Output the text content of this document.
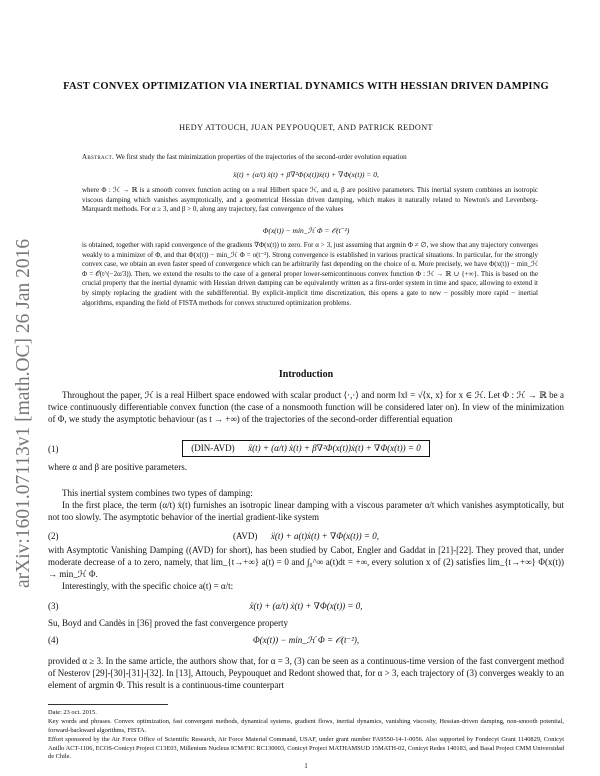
arXiv:1601.07113v1 [math.OC] 26 Jan 2016
FAST CONVEX OPTIMIZATION VIA INERTIAL DYNAMICS WITH HESSIAN DRIVEN DAMPING
HEDY ATTOUCH, JUAN PEYPOUQUET, AND PATRICK REDONT
Abstract. We first study the fast minimization properties of the trajectories of the second-order evolution equation
ẍ(t) + (α/t) ẋ(t) + β∇²Φ(x(t))ẋ(t) + ∇Φ(x(t)) = 0,
where Φ : ℋ → ℝ is a smooth convex function acting on a real Hilbert space ℋ, and α, β are positive parameters. This inertial system combines an isotropic viscous damping which vanishes asymptotically, and a geometrical Hessian driven damping, which makes it naturally related to Newton's and Levenberg-Marquardt methods. For α ≥ 3, and β > 0, along any trajectory, fast convergence of the values
Φ(x(t)) − min_ℋ Φ = 𝒪(t⁻²)
is obtained, together with rapid convergence of the gradients ∇Φ(x(t)) to zero. For α > 3, just assuming that argmin Φ ≠ ∅, we show that any trajectory converges weakly to a minimizer of Φ, and that Φ(x(t)) − min_ℋ Φ = o(t⁻²). Strong convergence is established in various practical situations. In particular, for the strongly convex case, we obtain an even faster speed of convergence which can be arbitrarily fast depending on the choice of α. More precisely, we have Φ(x(t)) − min_ℋ Φ = 𝒪(t^(−2α/3)). Then, we extend the results to the case of a general proper lower-semicontinuous convex function Φ : ℋ → ℝ ∪ {+∞}. This is based on the crucial property that the inertial dynamic with Hessian driven damping can be equivalently written as a first-order system in time and space, allowing to extend it by simply replacing the gradient with the subdifferential. By explicit-implicit time discretization, this opens a gate to new − possibly more rapid − inertial algorithms, expanding the field of FISTA methods for convex structured optimization problems.
Introduction
Throughout the paper, ℋ is a real Hilbert space endowed with scalar product ⟨·,·⟩ and norm ‖x‖ = √⟨x, x⟩ for x ∈ ℋ. Let Φ : ℋ → ℝ be a twice continuously differentiable convex function (the case of a nonsmooth function will be considered later on). In view of the minimization of Φ, we study the asymptotic behaviour (as t → +∞) of the trajectories of the second-order differential equation
(1)	(DIN-AVD) ẍ(t) + (α/t) ẋ(t) + β∇²Φ(x(t))ẋ(t) + ∇Φ(x(t)) = 0
where α and β are positive parameters.
This inertial system combines two types of damping:
In the first place, the term (α/t) ẋ(t) furnishes an isotropic linear damping with a viscous parameter α/t which vanishes asymptotically, but not too slowly. The asymptotic behavior of the inertial gradient-like system
(2)	(AVD) ẍ(t) + a(t)ẋ(t) + ∇Φ(x(t)) = 0,
with Asymptotic Vanishing Damping ((AVD) for short), has been studied by Cabot, Engler and Gaddat in [21]-[22]. They proved that, under moderate decrease of a to zero, namely, that lim_{t→+∞} a(t) = 0 and ∫₀^∞ a(t)dt = +∞, every solution x of (2) satisfies lim_{t→+∞} Φ(x(t)) → min_ℋ Φ.
Interestingly, with the specific choice a(t) = α/t:
(3)	ẍ(t) + (α/t) ẋ(t) + ∇Φ(x(t)) = 0,
Su, Boyd and Candès in [36] proved the fast convergence property
(4)	Φ(x(t)) − min_ℋ Φ = 𝒪(t⁻²),
provided α ≥ 3. In the same article, the authors show that, for α = 3, (3) can be seen as a continuous-time version of the fast convergent method of Nesterov [29]-[30]-[31]-[32]. In [13], Attouch, Peypouquet and Redont showed that, for α > 3, each trajectory of (3) converges weakly to an element of argmin Φ. This result is a continuous-time counterpart
Date: 23 oct. 2015.
Key words and phrases. Convex optimization, fast convergent methods, dynamical systems, gradient flows, inertial dynamics, vanishing viscosity, Hessian-driven damping, non-smooth potential, forward-backward algorithms, FISTA.
Effort sponsored by the Air Force Office of Scientific Research, Air Force Material Command, USAF, under grant number FA9550-14-1-0056. Also supported by Fondecyt Grant 1140829, Conicyt Anillo ACT-1106, ECOS-Conicyt Project C13E03, Millenium Nucleus ICM/FIC RC130003, Conicyt Project MATHAMSUD 15MATH-02, Conicyt Redes 140183, and Basal Project CMM Universidad de Chile.
1
